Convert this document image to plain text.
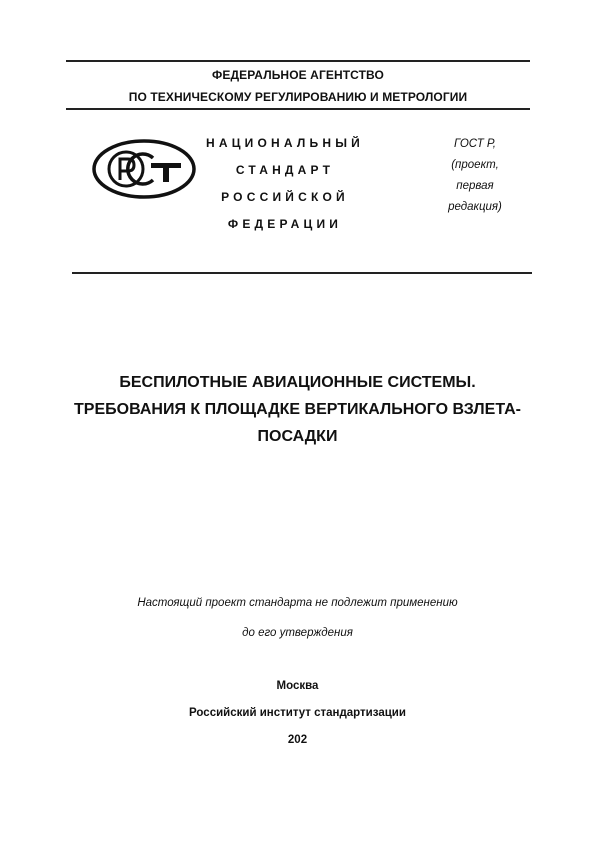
ФЕДЕРАЛЬНОЕ АГЕНТСТВО
ПО ТЕХНИЧЕСКОМУ РЕГУЛИРОВАНИЮ И МЕТРОЛОГИИ
НАЦИОНАЛЬНЫЙ
СТАНДАРТ
РОССИЙСКОЙ
ФЕДЕРАЦИИ
ГОСТ Р,
(проект,
первая
редакция)
БЕСПИЛОТНЫЕ АВИАЦИОННЫЕ СИСТЕМЫ.
ТРЕБОВАНИЯ К ПЛОЩАДКЕ ВЕРТИКАЛЬНОГО ВЗЛЕТА-
ПОСАДКИ
Настоящий проект стандарта не подлежит применению
до его утверждения
Москва
Российский институт стандартизации
202
